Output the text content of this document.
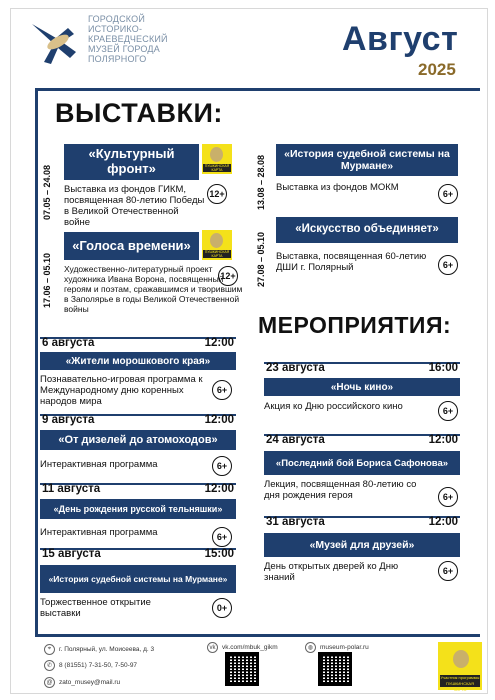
ГОРОДСКОЙ ИСТОРИКО-КРАЕВЕДЧЕСКИЙ МУЗЕЙ ГОРОДА ПОЛЯРНОГО
Август
2025
ВЫСТАВКИ:
07.05 – 24.08
«Культурный фронт»	ПУШКИНСКАЯ КАРТА
12+
Выставка из фондов ГИКМ, посвященная 80-летию Победы в Великой Отечественной войне
13.08 – 28.08
«История судебной системы на Мурмане»
Выставка из фондов МОКМ
6+
17.06 – 05.10
«Голоса времени»	ПУШКИНСКАЯ КАРТА
12+
Художественно-литературный проект художника Ивана Ворона, посвященный героям и поэтам, сражавшимся и творившим в Заполярье в годы Великой Отечественной войны
27.08 – 05.10
«Искусство объединяет»
Выставка, посвященная 60-летию ДШИ г. Полярный	6+
МЕРОПРИЯТИЯ:
6 августа	12:00
«Жители морошкового края»
Познавательно-игровая программа к Международному дню коренных народов мира
6+
9 августа	12:00
«От дизелей до атомоходов»
Интерактивная программа	6+
11 августа	12:00
«День рождения русской тельняшки»
Интерактивная программа	6+
15 августа	15:00
«История судебной системы на Мурмане»
Торжественное открытие выставки	0+
23 августа	16:00
«Ночь кино»
Акция ко Дню российского кино	6+
24 августа	12:00
«Последний бой Бориса Сафонова»
Лекция, посвященная 80-летию со дня рождения героя	6+
31 августа	12:00
«Музей для друзей»
День открытых дверей ко Дню знаний
6+
⌖	г. Полярный, ул. Моисеева, д. 3
✆	8 (81551) 7-31-50, 7-50-97
@ zato_musey@mail.ru
vk	vk.com/mbuk_gikm	◍	museum-polar.ru
Участник программы ПУШКИНСКАЯ КАРТА
